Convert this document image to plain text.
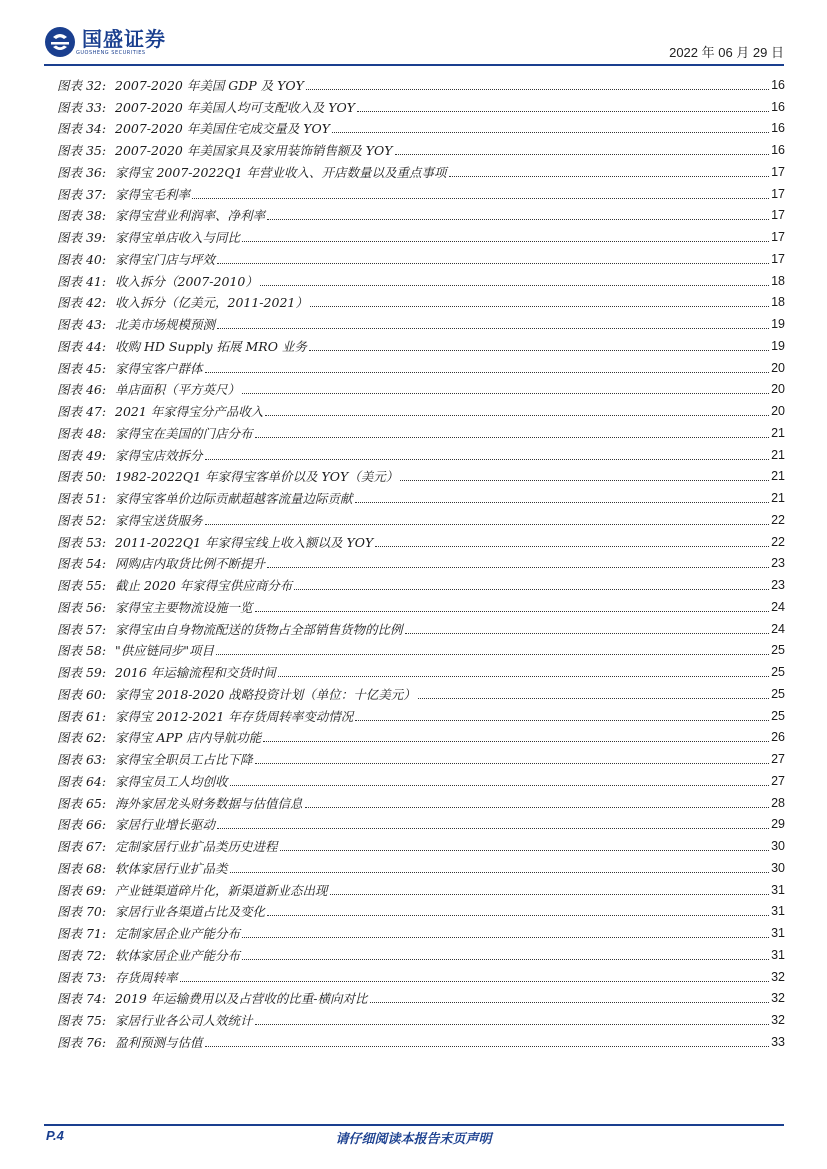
国盛证券
GUOSHENG SECURITIES	2022 年 06 月 29 日
图表 32: 2007-2020 年美国 GDP 及 YOY	16
图表 33: 2007-2020 年美国人均可支配收入及 YOY	16
图表 34: 2007-2020 年美国住宅成交量及 YOY	16
图表 35: 2007-2020 年美国家具及家用装饰销售额及 YOY	16
图表 36: 家得宝 2007-2022Q1 年营业收入、开店数量以及重点事项	17
图表 37: 家得宝毛利率	17
图表 38: 家得宝营业利润率、净利率	17
图表 39: 家得宝单店收入与同比	17
图表 40: 家得宝门店与坪效	17
图表 41: 收入拆分（2007-2010）	18
图表 42: 收入拆分（亿美元，2011-2021）	18
图表 43: 北美市场规模预测	19
图表 44: 收购 HD Supply 拓展 MRO 业务	19
图表 45: 家得宝客户群体	20
图表 46: 单店面积（平方英尺）	20
图表 47: 2021 年家得宝分产品收入	20
图表 48: 家得宝在美国的门店分布	21
图表 49: 家得宝店效拆分	21
图表 50: 1982-2022Q1 年家得宝客单价以及 YOY（美元）	21
图表 51: 家得宝客单价边际贡献超越客流量边际贡献	21
图表 52: 家得宝送货服务	22
图表 53: 2011-2022Q1 年家得宝线上收入额以及 YOY	22
图表 54: 网购店内取货比例不断提升	23
图表 55: 截止 2020 年家得宝供应商分布	23
图表 56: 家得宝主要物流设施一览	24
图表 57: 家得宝由自身物流配送的货物占全部销售货物的比例	24
图表 58: "供应链同步"项目	25
图表 59: 2016 年运输流程和交货时间	25
图表 60: 家得宝 2018-2020 战略投资计划（单位：十亿美元）	25
图表 61: 家得宝 2012-2021 年存货周转率变动情况	25
图表 62: 家得宝 APP 店内导航功能	26
图表 63: 家得宝全职员工占比下降	27
图表 64: 家得宝员工人均创收	27
图表 65: 海外家居龙头财务数据与估值信息	28
图表 66: 家居行业增长驱动	29
图表 67: 定制家居行业扩品类历史进程	30
图表 68: 软体家居行业扩品类	30
图表 69: 产业链渠道碎片化，新渠道新业态出现	31
图表 70: 家居行业各渠道占比及变化	31
图表 71: 定制家居企业产能分布	31
图表 72: 软体家居企业产能分布	31
图表 73: 存货周转率	32
图表 74: 2019 年运输费用以及占营收的比重-横向对比	32
图表 75: 家居行业各公司人效统计	32
图表 76: 盈利预测与估值	33
P.4	请仔细阅读本报告末页声明
